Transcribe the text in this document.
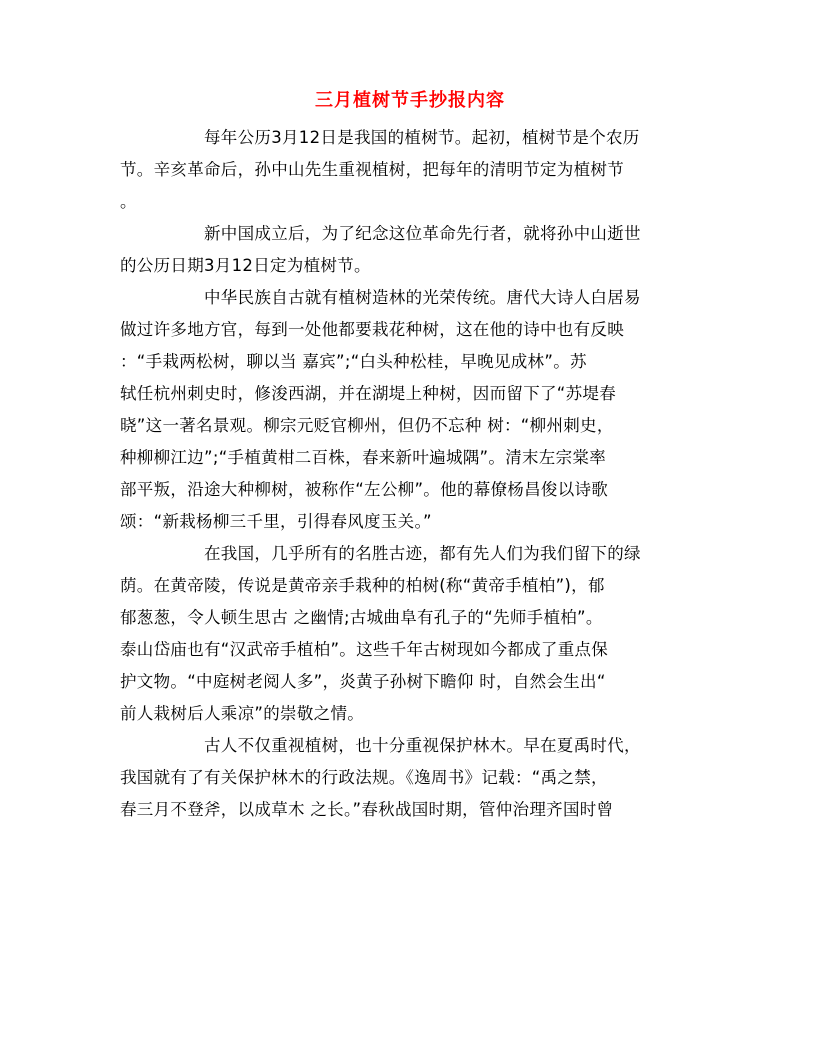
三月植树节手抄报内容
每年公历3月12日是我国的植树节。起初，植树节是个农历
节。辛亥革命后，孙中山先生重视植树，把每年的清明节定为植树节
。
新中国成立后，为了纪念这位革命先行者，就将孙中山逝世
的公历日期3月12日定为植树节。
中华民族自古就有植树造林的光荣传统。唐代大诗人白居易
做过许多地方官，每到一处他都要栽花种树，这在他的诗中也有反映
：“手栽两松树，聊以当 嘉宾”;“白头种松桂，早晚见成林”。苏
轼任杭州刺史时，修浚西湖，并在湖堤上种树，因而留下了“苏堤春
晓”这一著名景观。柳宗元贬官柳州，但仍不忘种 树：“柳州刺史，
种柳柳江边”;“手植黄柑二百株，春来新叶遍城隅”。清末左宗棠率
部平叛，沿途大种柳树，被称作“左公柳”。他的幕僚杨昌俊以诗歌
颂：“新栽杨柳三千里，引得春风度玉关。”
在我国，几乎所有的名胜古迹，都有先人们为我们留下的绿
荫。在黄帝陵，传说是黄帝亲手栽种的柏树(称“黄帝手植柏”)，郁
郁葱葱，令人顿生思古 之幽情;古城曲阜有孔子的“先师手植柏”。
泰山岱庙也有“汉武帝手植柏”。这些千年古树现如今都成了重点保
护文物。“中庭树老阅人多”，炎黄子孙树下瞻仰 时，自然会生出“
前人栽树后人乘凉”的崇敬之情。
古人不仅重视植树，也十分重视保护林木。早在夏禹时代，
我国就有了有关保护林木的行政法规。《逸周书》记载：“禹之禁，
春三月不登斧，以成草木 之长。”春秋战国时期，管仲治理齐国时曾
